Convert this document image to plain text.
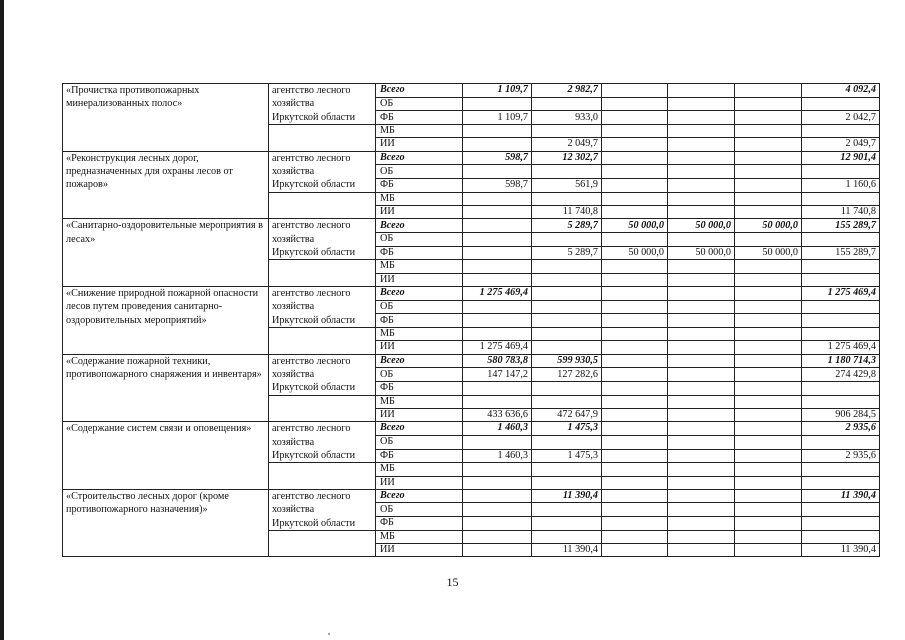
«Прочистка противопожарных минерализованных полос»	агентство лесного
хозяйства
Иркутской области	Всего	1 109,7	2 982,7				4 092,4
		ОБ						
		ФБ	1 109,7	933,0				2 042,7
		МБ						
		ИИ		2 049,7				2 049,7
«Реконструкция лесных дорог, предназначенных для охраны лесов от пожаров»	агентство лесного
хозяйства
Иркутской области	Всего	598,7	12 302,7				12 901,4
		ОБ						
		ФБ	598,7	561,9				1 160,6
		МБ						
		ИИ		11 740,8				11 740,8
«Санитарно-оздоровительные мероприятия в лесах»	агентство лесного
хозяйства
Иркутской области	Всего		5 289,7	50 000,0	50 000,0	50 000,0	155 289,7
		ОБ						
		ФБ		5 289,7	50 000,0	50 000,0	50 000,0	155 289,7
		МБ						
		ИИ						
«Снижение природной пожарной опасности лесов путем проведения санитарно-оздоровительных мероприятий»	агентство лесного
хозяйства
Иркутской области	Всего	1 275 469,4					1 275 469,4
		ОБ						
		ФБ						
		МБ						
		ИИ	1 275 469,4					1 275 469,4
«Содержание пожарной техники, противопожарного снаряжения и инвентаря»	агентство лесного
хозяйства
Иркутской области	Всего	580 783,8	599 930,5				1 180 714,3
		ОБ	147 147,2	127 282,6				274 429,8
		ФБ						
		МБ						
		ИИ	433 636,6	472 647,9				906 284,5
«Содержание систем связи и оповещения»	агентство лесного
хозяйства
Иркутской области	Всего	1 460,3	1 475,3				2 935,6
		ОБ						
		ФБ	1 460,3	1 475,3				2 935,6
		МБ						
		ИИ						
«Строительство лесных дорог (кроме противопожарного назначения)»	агентство лесного
хозяйства
Иркутской области	Всего		11 390,4				11 390,4
		ОБ						
		ФБ						
		МБ						
		ИИ		11 390,4				11 390,4
15
